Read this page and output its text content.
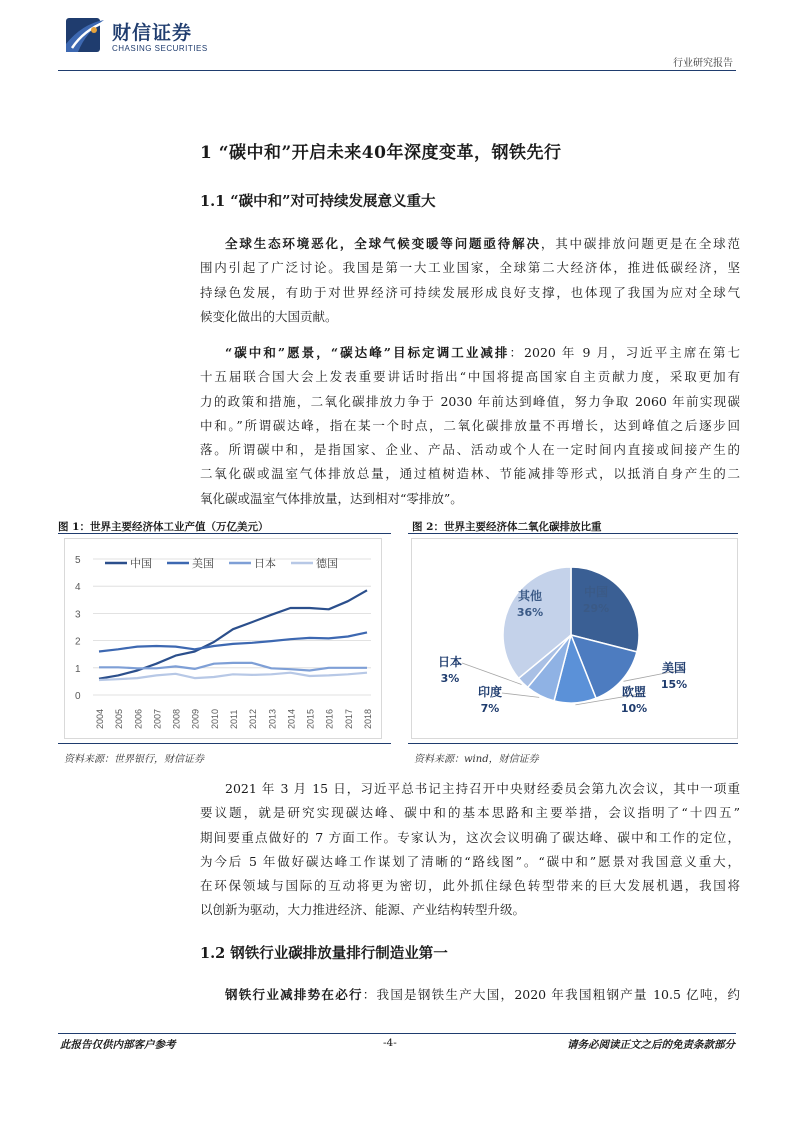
财信证券
CHASING SECURITIES
行业研究报告
1 “碳中和”开启未来40年深度变革，钢铁先行
1.1 “碳中和”对可持续发展意义重大
全球生态环境恶化，全球气候变暖等问题亟待解决，其中碳排放问题更是在全球范
围内引起了广泛讨论。我国是第一大工业国家，全球第二大经济体，推进低碳经济，坚
持绿色发展，有助于对世界经济可持续发展形成良好支撑，也体现了我国为应对全球气
候变化做出的大国贡献。
“碳中和”愿景，“碳达峰”目标定调工业减排：2020 年 9 月，习近平主席在第七
十五届联合国大会上发表重要讲话时指出“中国将提高国家自主贡献力度，采取更加有
力的政策和措施，二氧化碳排放力争于 2030 年前达到峰值，努力争取 2060 年前实现碳
中和。”所谓碳达峰，指在某一个时点，二氧化碳排放量不再增长，达到峰值之后逐步回
落。所谓碳中和，是指国家、企业、产品、活动或个人在一定时间内直接或间接产生的
二氧化碳或温室气体排放总量，通过植树造林、节能减排等形式，以抵消自身产生的二
氧化碳或温室气体排放量，达到相对“零排放”。
图 1：世界主要经济体工业产值（万亿美元）	图 2：世界主要经济体二氧化碳排放比重
0
1
2
3
4
5
2004 2005 2006 2007 2008 2009 2010 2011 2012 2013 2014 2015 2016 2017 2018
中国	美国	日本	德国
中国
29%
美国
15%
欧盟
10%
印度
7%
日本
3%
其他
36%
资料来源：世界银行，财信证券	资料来源：wind，财信证券
2021 年 3 月 15 日，习近平总书记主持召开中央财经委员会第九次会议，其中一项重
要议题，就是研究实现碳达峰、碳中和的基本思路和主要举措，会议指明了“十四五”
期间要重点做好的 7 方面工作。专家认为，这次会议明确了碳达峰、碳中和工作的定位，
为今后 5 年做好碳达峰工作谋划了清晰的“路线图”。“碳中和”愿景对我国意义重大，
在环保领域与国际的互动将更为密切，此外抓住绿色转型带来的巨大发展机遇，我国将
以创新为驱动，大力推进经济、能源、产业结构转型升级。
1.2 钢铁行业碳排放量排行制造业第一
钢铁行业减排势在必行：我国是钢铁生产大国，2020 年我国粗钢产量 10.5 亿吨，约
此报告仅供内部客户参考	-4-	请务必阅读正文之后的免责条款部分
